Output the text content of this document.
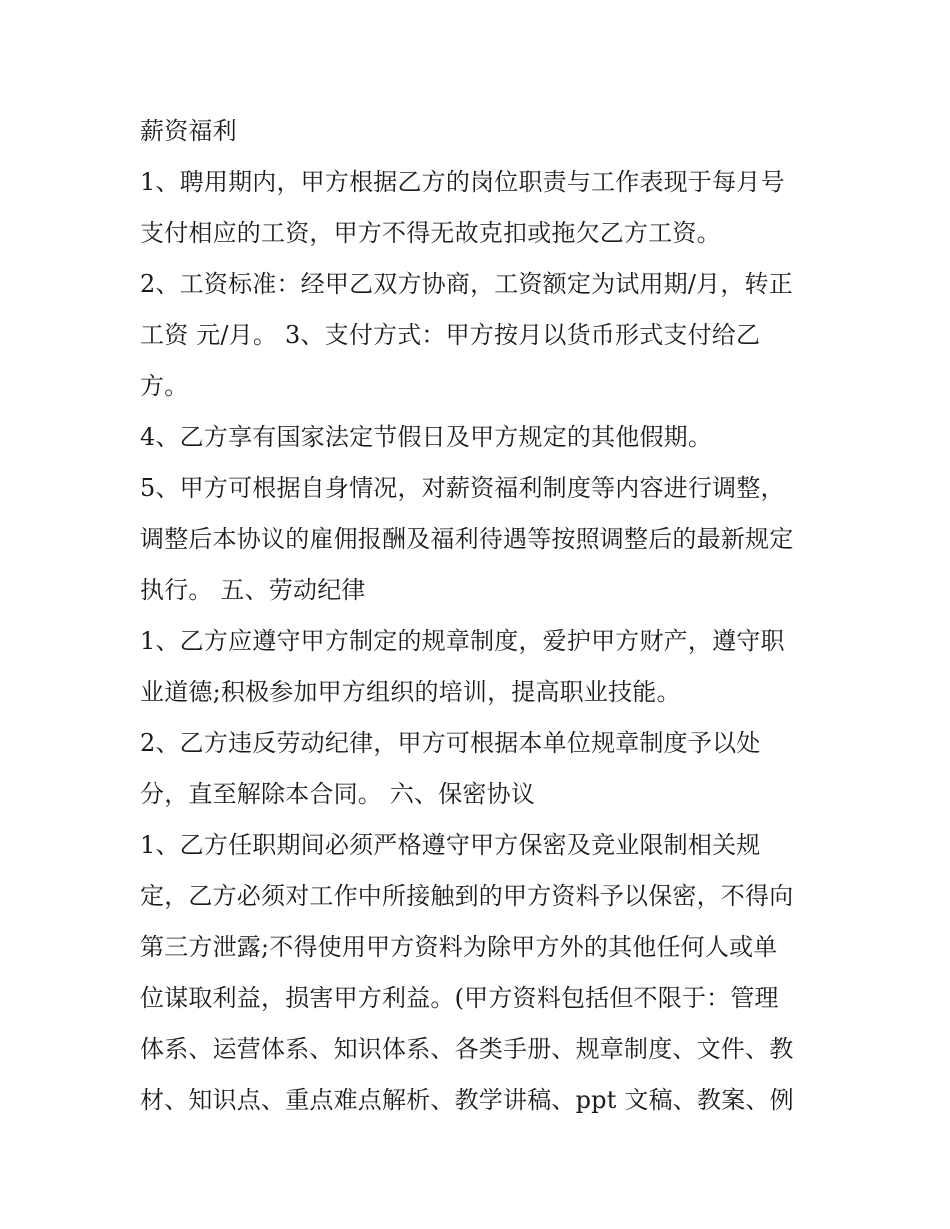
薪资福利
1、聘用期内，甲方根据乙方的岗位职责与工作表现于每月号
支付相应的工资，甲方不得无故克扣或拖欠乙方工资。
2、工资标准：经甲乙双方协商，工资额定为试用期/月，转正
工资 元/月。 3、支付方式：甲方按月以货币形式支付给乙
方。
4、乙方享有国家法定节假日及甲方规定的其他假期。
5、甲方可根据自身情况，对薪资福利制度等内容进行调整，
调整后本协议的雇佣报酬及福利待遇等按照调整后的最新规定
执行。 五、劳动纪律
1、乙方应遵守甲方制定的规章制度，爱护甲方财产，遵守职
业道德;积极参加甲方组织的培训，提高职业技能。
2、乙方违反劳动纪律，甲方可根据本单位规章制度予以处
分，直至解除本合同。 六、保密协议
1、乙方任职期间必须严格遵守甲方保密及竞业限制相关规
定，乙方必须对工作中所接触到的甲方资料予以保密，不得向
第三方泄露;不得使用甲方资料为除甲方外的其他任何人或单
位谋取利益，损害甲方利益。(甲方资料包括但不限于：管理
体系、运营体系、知识体系、各类手册、规章制度、文件、教
材、知识点、重点难点解析、教学讲稿、ppt 文稿、教案、例
